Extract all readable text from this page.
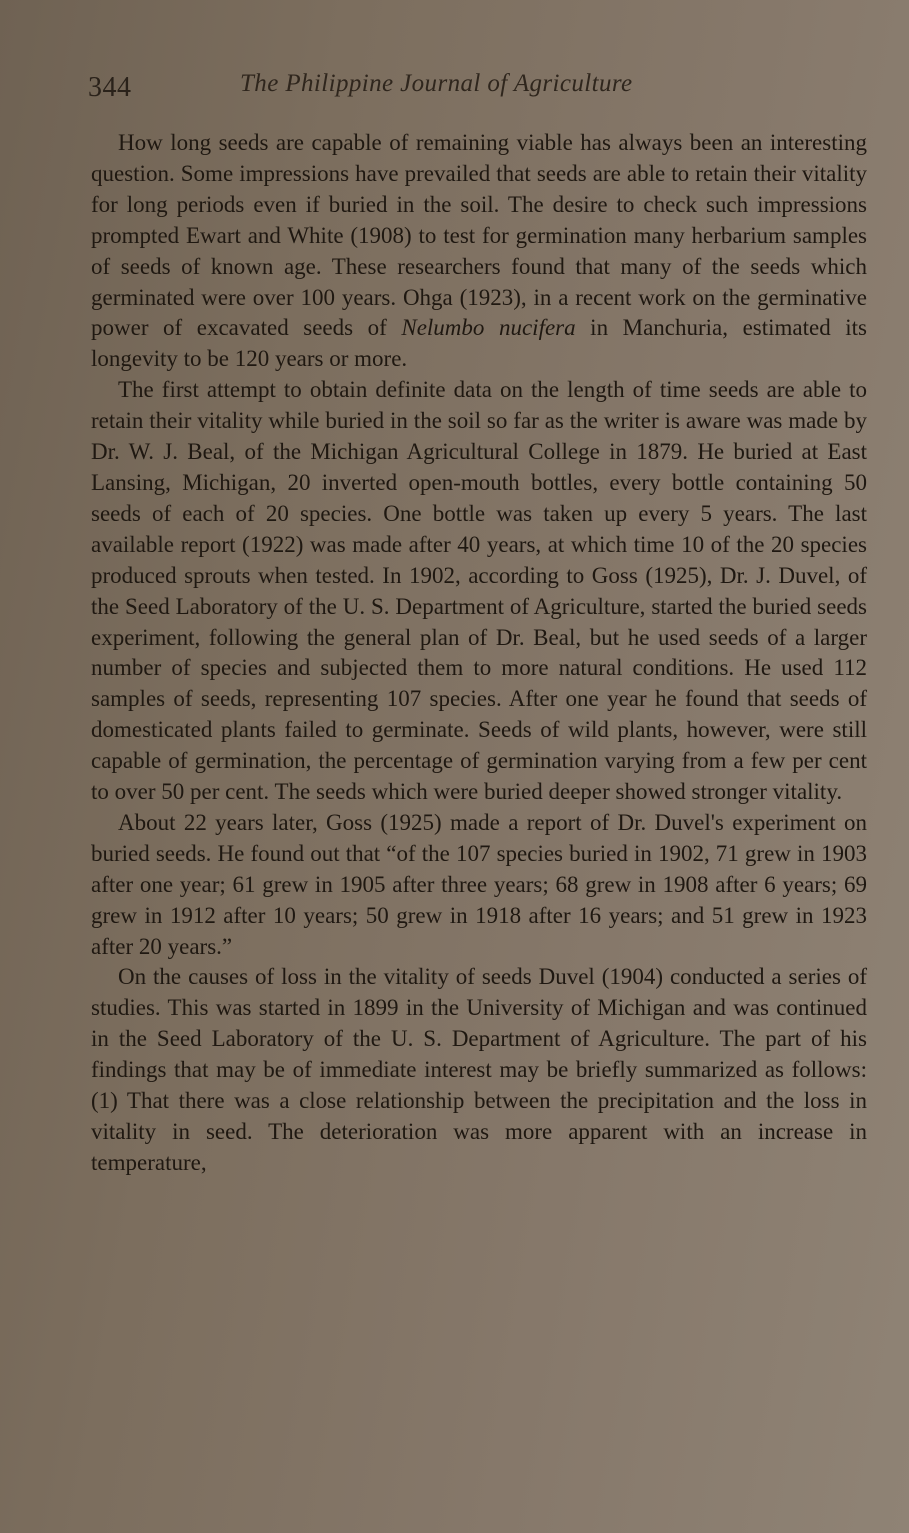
344	The Philippine Journal of Agriculture

How long seeds are capable of remaining viable has always been an interesting question. Some impressions have prevailed that seeds are able to retain their vitality for long periods even if buried in the soil. The desire to check such impressions prompted Ewart and White (1908) to test for germination many herbarium samples of seeds of known age. These researchers found that many of the seeds which germinated were over 100 years. Ohga (1923), in a recent work on the germinative power of excavated seeds of Nelumbo nucifera in Manchuria, estimated its longevity to be 120 years or more.

The first attempt to obtain definite data on the length of time seeds are able to retain their vitality while buried in the soil so far as the writer is aware was made by Dr. W. J. Beal, of the Michigan Agricultural College in 1879. He buried at East Lansing, Michigan, 20 inverted open-mouth bottles, every bottle containing 50 seeds of each of 20 species. One bottle was taken up every 5 years. The last available report (1922) was made after 40 years, at which time 10 of the 20 species produced sprouts when tested. In 1902, according to Goss (1925), Dr. J. Duvel, of the Seed Laboratory of the U. S. Department of Agriculture, started the buried seeds experiment, following the general plan of Dr. Beal, but he used seeds of a larger number of species and subjected them to more natural conditions. He used 112 samples of seeds, representing 107 species. After one year he found that seeds of domesticated plants failed to germinate. Seeds of wild plants, however, were still capable of germination, the percentage of germination varying from a few per cent to over 50 per cent. The seeds which were buried deeper showed stronger vitality.

About 22 years later, Goss (1925) made a report of Dr. Duvel's experiment on buried seeds. He found out that “of the 107 species buried in 1902, 71 grew in 1903 after one year; 61 grew in 1905 after three years; 68 grew in 1908 after 6 years; 69 grew in 1912 after 10 years; 50 grew in 1918 after 16 years; and 51 grew in 1923 after 20 years.”

On the causes of loss in the vitality of seeds Duvel (1904) conducted a series of studies. This was started in 1899 in the University of Michigan and was continued in the Seed Laboratory of the U. S. Department of Agriculture. The part of his findings that may be of immediate interest may be briefly summarized as follows: (1) That there was a close relationship between the precipitation and the loss in vitality in seed. The deterioration was more apparent with an increase in temperature,
